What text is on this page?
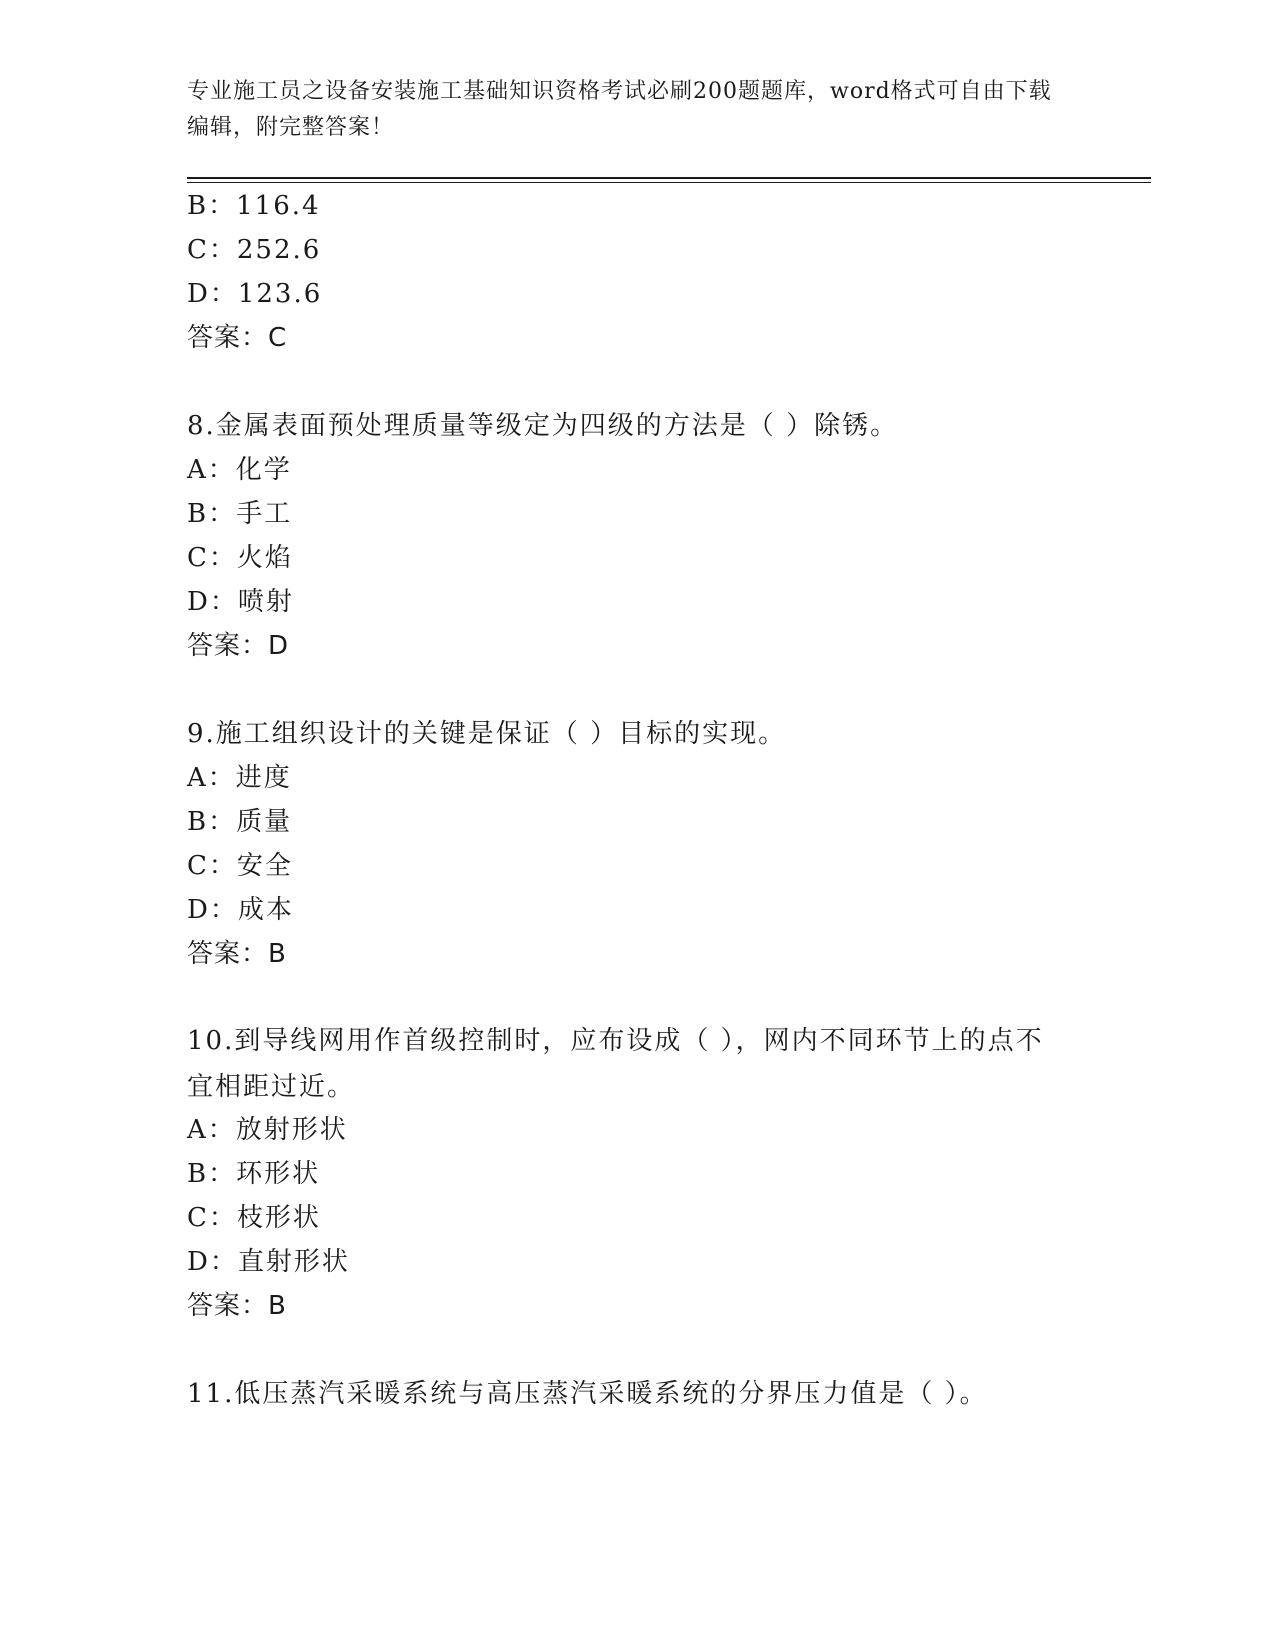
专业施工员之设备安装施工基础知识资格考试必刷200题题库，word格式可自由下载编辑，附完整答案！
B：116.4
C：252.6
D：123.6
答案：C
8.金属表面预处理质量等级定为四级的方法是（ ）除锈。
A：化学
B：手工
C：火焰
D：喷射
答案：D
9.施工组织设计的关键是保证（ ）目标的实现。
A：进度
B：质量
C：安全
D：成本
答案：B
10.到导线网用作首级控制时，应布设成（ ），网内不同环节上的点不宜相距过近。
A：放射形状
B：环形状
C：枝形状
D：直射形状
答案：B
11.低压蒸汽采暖系统与高压蒸汽采暖系统的分界压力值是（ ）。
